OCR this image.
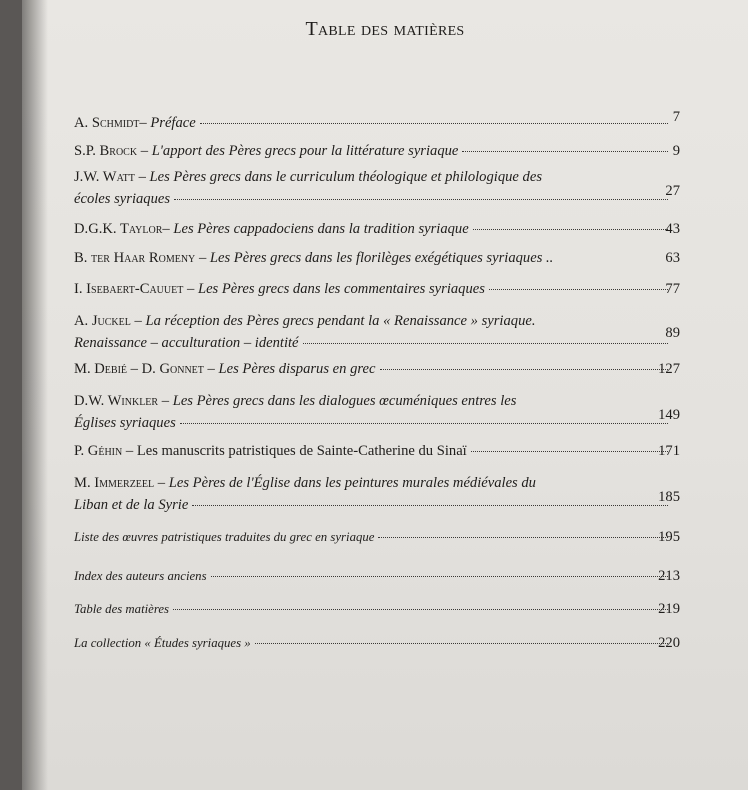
Table des matières
A. Schmidt –
Préface	7
S.P. Brock
–
L'apport des Pères grecs pour la littérature syriaque	9
J.W. Watt
–
Les Pères grecs dans le curriculum théologique et philologique des
écoles syriaques	27
D.G.K. Taylor –
Les Pères cappadociens dans la tradition syriaque	43
B. ter Haar Romeny
–
Les Pères grecs dans les florilèges exégétiques syriaques ..	63
I. Isebaert-Cauuet
–
Les Pères grecs dans les commentaires syriaques	77
A. Juckel
–
La réception des Pères grecs pendant la « Renaissance » syriaque.
Renaissance – acculturation – identité
89
M. Debié – D. Gonnet
–
Les Pères disparus en grec	127
D.W. Winkler
–
Les Pères grecs dans les dialogues œcuméniques entres les
Églises syriaques	149
P. Géhin
–
Les manuscrits patristiques de Sainte-Catherine du Sinaï	171
M. Immerzeel
–
Les Pères de l'Église dans les peintures murales médiévales du
Liban et de la Syrie	185
Liste des œuvres patristiques traduites du grec en syriaque	195
Index des auteurs anciens	213
Table des matières	219
La collection « Études syriaques »	220
